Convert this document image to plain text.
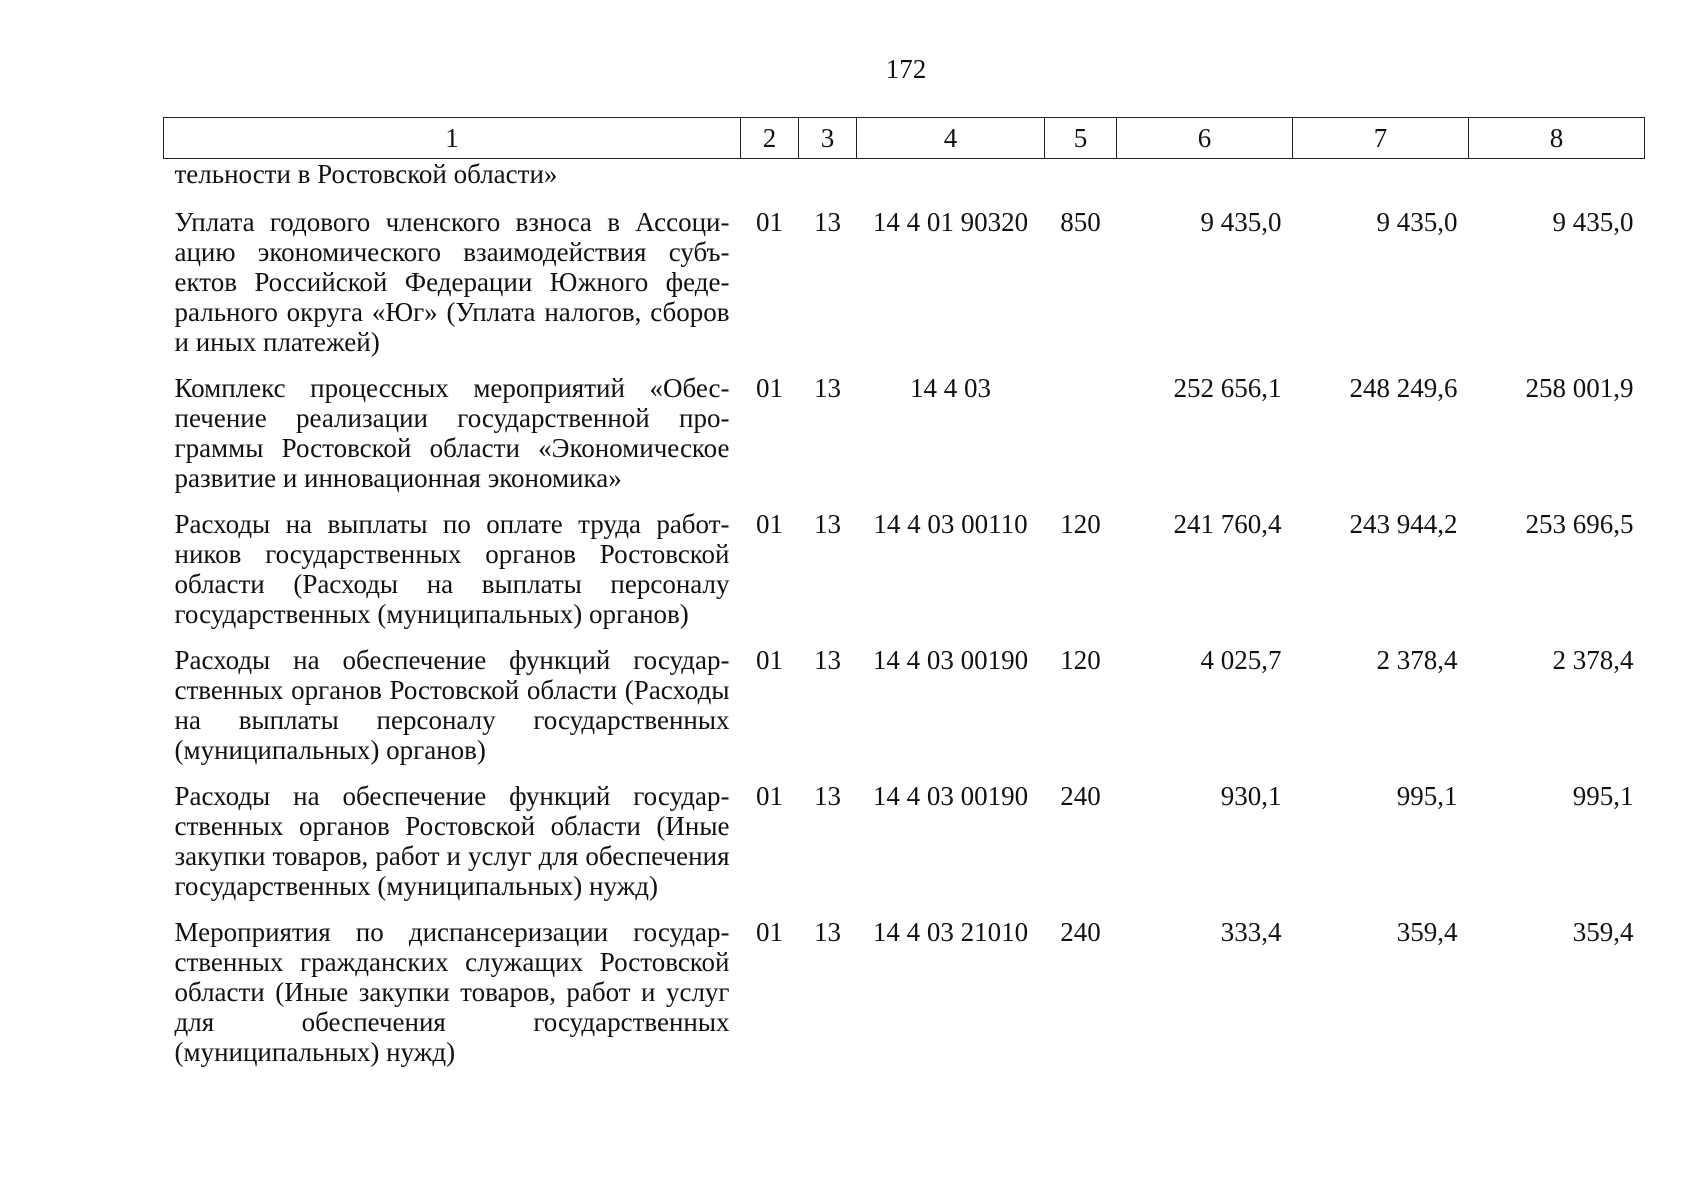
172
1	2	3	4	5	6	7	8
тельности в Ростовской области»							
Уплата годового членского взноса в Ассоциацию экономического взаимодействия субъектов Российской Федерации Южного федерального округа «Юг» (Уплата налогов, сборов и иных платежей)	01	13	14 4 01 90320	850	9 435,0	9 435,0	9 435,0
Комплекс процессных мероприятий «Обеспечение реализации государственной программы Ростовской области «Экономическое развитие и инновационная экономика»	01	13	14 4 03		252 656,1	248 249,6	258 001,9
Расходы на выплаты по оплате труда работников государственных органов Ростовской области (Расходы на выплаты персоналу государственных (муниципальных) органов)	01	13	14 4 03 00110	120	241 760,4	243 944,2	253 696,5
Расходы на обеспечение функций государственных органов Ростовской области (Расходы на выплаты персоналу государственных (муниципальных) органов)	01	13	14 4 03 00190	120	4 025,7	2 378,4	2 378,4
Расходы на обеспечение функций государственных органов Ростовской области (Иные закупки товаров, работ и услуг для обеспечения государственных (муниципальных) нужд)	01	13	14 4 03 00190	240	930,1	995,1	995,1
Мероприятия по диспансеризации государственных гражданских служащих Ростовской области (Иные закупки товаров, работ и услуг для обеспечения государственных (муниципальных) нужд)	01	13	14 4 03 21010	240	333,4	359,4	359,4
